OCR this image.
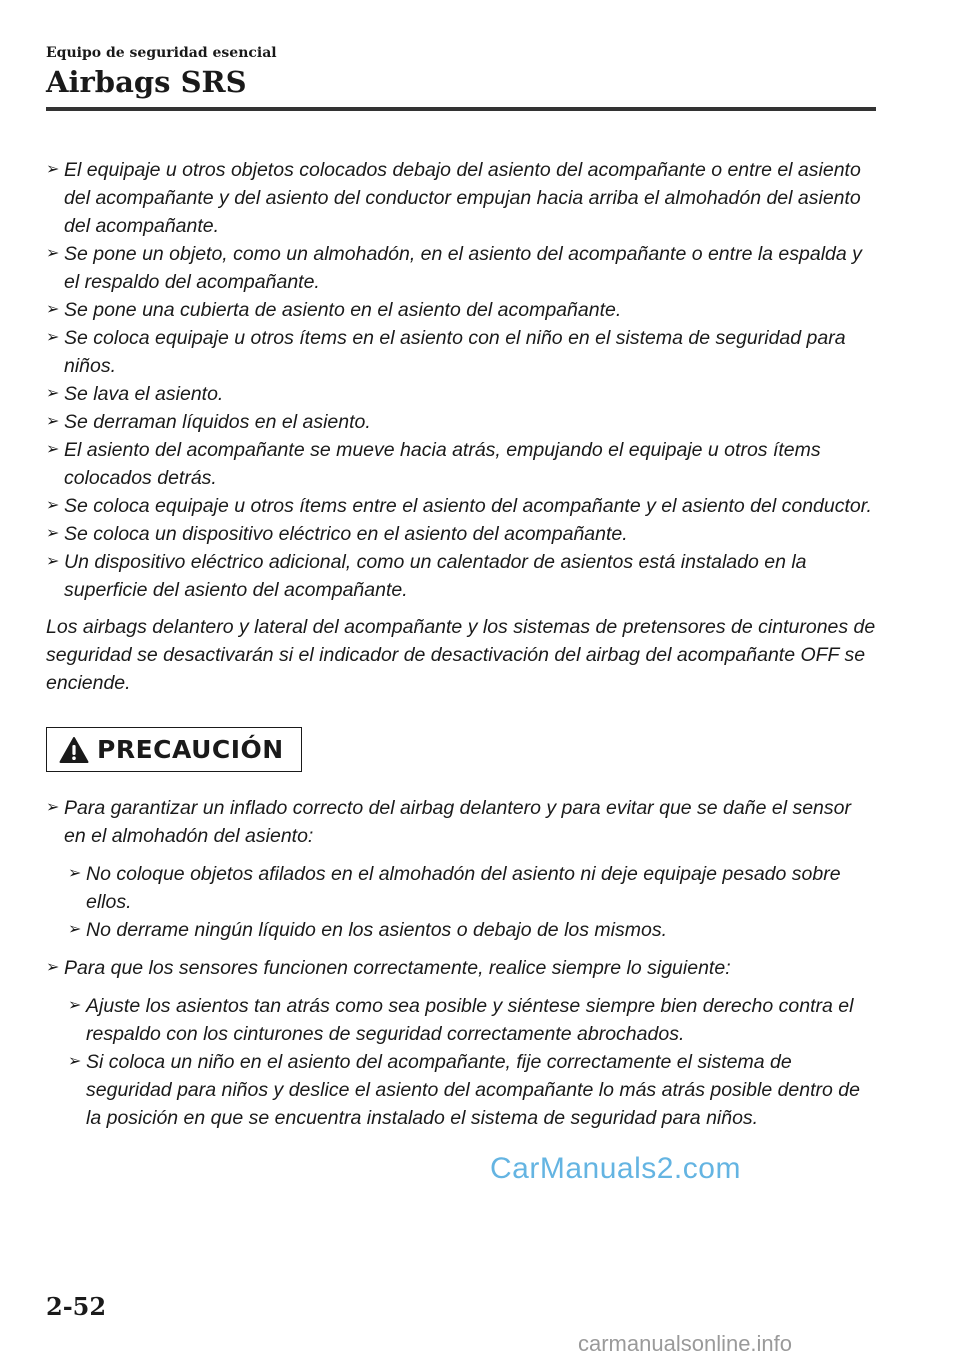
Equipo de seguridad esencial
Airbags SRS
➢ El equipaje u otros objetos colocados debajo del asiento del acompañante o entre el asiento del acompañante y del asiento del conductor empujan hacia arriba el almohadón del asiento del acompañante.
➢ Se pone un objeto, como un almohadón, en el asiento del acompañante o entre la espalda y el respaldo del acompañante.
➢ Se pone una cubierta de asiento en el asiento del acompañante.
➢ Se coloca equipaje u otros ítems en el asiento con el niño en el sistema de seguridad para niños.
➢ Se lava el asiento.
➢ Se derraman líquidos en el asiento.
➢ El asiento del acompañante se mueve hacia atrás, empujando el equipaje u otros ítems colocados detrás.
➢ Se coloca equipaje u otros ítems entre el asiento del acompañante y el asiento del conductor.
➢ Se coloca un dispositivo eléctrico en el asiento del acompañante.
➢ Un dispositivo eléctrico adicional, como un calentador de asientos está instalado en la superficie del asiento del acompañante.
Los airbags delantero y lateral del acompañante y los sistemas de pretensores de cinturones de seguridad se desactivarán si el indicador de desactivación del airbag del acompañante OFF se enciende.
PRECAUCIÓN
➢ Para garantizar un inflado correcto del airbag delantero y para evitar que se dañe el sensor en el almohadón del asiento:
➢ No coloque objetos afilados en el almohadón del asiento ni deje equipaje pesado sobre ellos.
➢ No derrame ningún líquido en los asientos o debajo de los mismos.
➢ Para que los sensores funcionen correctamente, realice siempre lo siguiente:
➢ Ajuste los asientos tan atrás como sea posible y siéntese siempre bien derecho contra el respaldo con los cinturones de seguridad correctamente abrochados.
➢ Si coloca un niño en el asiento del acompañante, fije correctamente el sistema de seguridad para niños y deslice el asiento del acompañante lo más atrás posible dentro de la posición en que se encuentra instalado el sistema de seguridad para niños.
CarManuals2.com
2-52
carmanualsonline.info
